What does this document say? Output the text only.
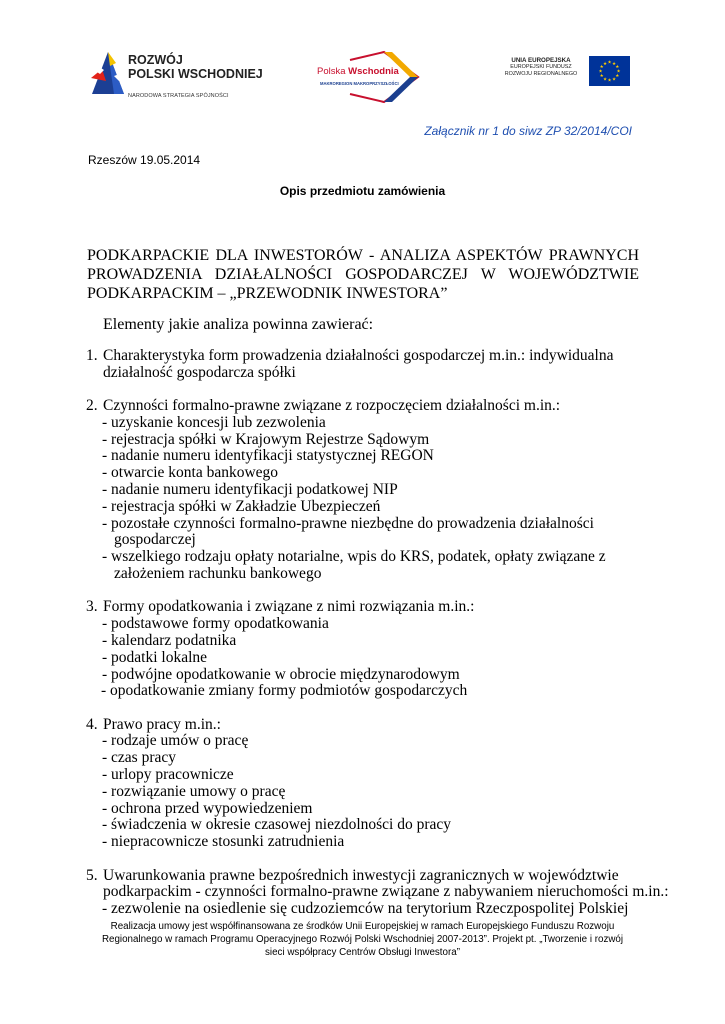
ROZWÓJ
POLSKI WSCHODNIEJ
NARODOWA STRATEGIA SPÓJNOŚCI
Polska Wschodnia
MAKROREGION MAKROPRZYSZŁOŚCI
UNIA EUROPEJSKA
EUROPEJSKI FUNDUSZ
ROZWOJU REGIONALNEGO
★ ★
★
★
★
★
★
★
★
★
★
★
Załącznik nr 1 do siwz ZP 32/2014/COI
Rzeszów 19.05.2014
Opis przedmiotu zamówienia
PODKARPACKIE DLA INWESTORÓW - ANALIZA ASPEKTÓW PRAWNYCH
PROWADZENIA DZIAŁALNOŚCI GOSPODARCZEJ W WOJEWÓDZTWIE
PODKARPACKIM – „PRZEWODNIK INWESTORA”
Elementy jakie analiza powinna zawierać:
1. Charakterystyka form prowadzenia działalności gospodarczej m.in.: indywidualna
działalność gospodarcza spółki
2. Czynności formalno-prawne związane z rozpoczęciem działalności m.in.:
- uzyskanie koncesji lub zezwolenia
- rejestracja spółki w Krajowym Rejestrze Sądowym
- nadanie numeru identyfikacji statystycznej REGON
- otwarcie konta bankowego
- nadanie numeru identyfikacji podatkowej NIP
- rejestracja spółki w Zakładzie Ubezpieczeń
- pozostałe czynności formalno-prawne niezbędne do prowadzenia działalności
gospodarczej
- wszelkiego rodzaju opłaty notarialne, wpis do KRS, podatek, opłaty związane z
założeniem rachunku bankowego
3. Formy opodatkowania i związane z nimi rozwiązania m.in.:
- podstawowe formy opodatkowania
- kalendarz podatnika
- podatki lokalne
- podwójne opodatkowanie w obrocie międzynarodowym
- opodatkowanie zmiany formy podmiotów gospodarczych
4. Prawo pracy m.in.:
- rodzaje umów o pracę
- czas pracy
- urlopy pracownicze
- rozwiązanie umowy o pracę
- ochrona przed wypowiedzeniem
- świadczenia w okresie czasowej niezdolności do pracy
- niepracownicze stosunki zatrudnienia
5. Uwarunkowania prawne bezpośrednich inwestycji zagranicznych w województwie
podkarpackim - czynności formalno-prawne związane z nabywaniem nieruchomości m.in.:
- zezwolenie na osiedlenie się cudzoziemców na terytorium Rzeczpospolitej Polskiej
Realizacja umowy jest współfinansowana ze środków Unii Europejskiej w ramach Europejskiego Funduszu Rozwoju
Regionalnego w ramach Programu Operacyjnego Rozwój Polski Wschodniej 2007-2013”. Projekt pt. „Tworzenie i rozwój
sieci współpracy Centrów Obsługi Inwestora”
